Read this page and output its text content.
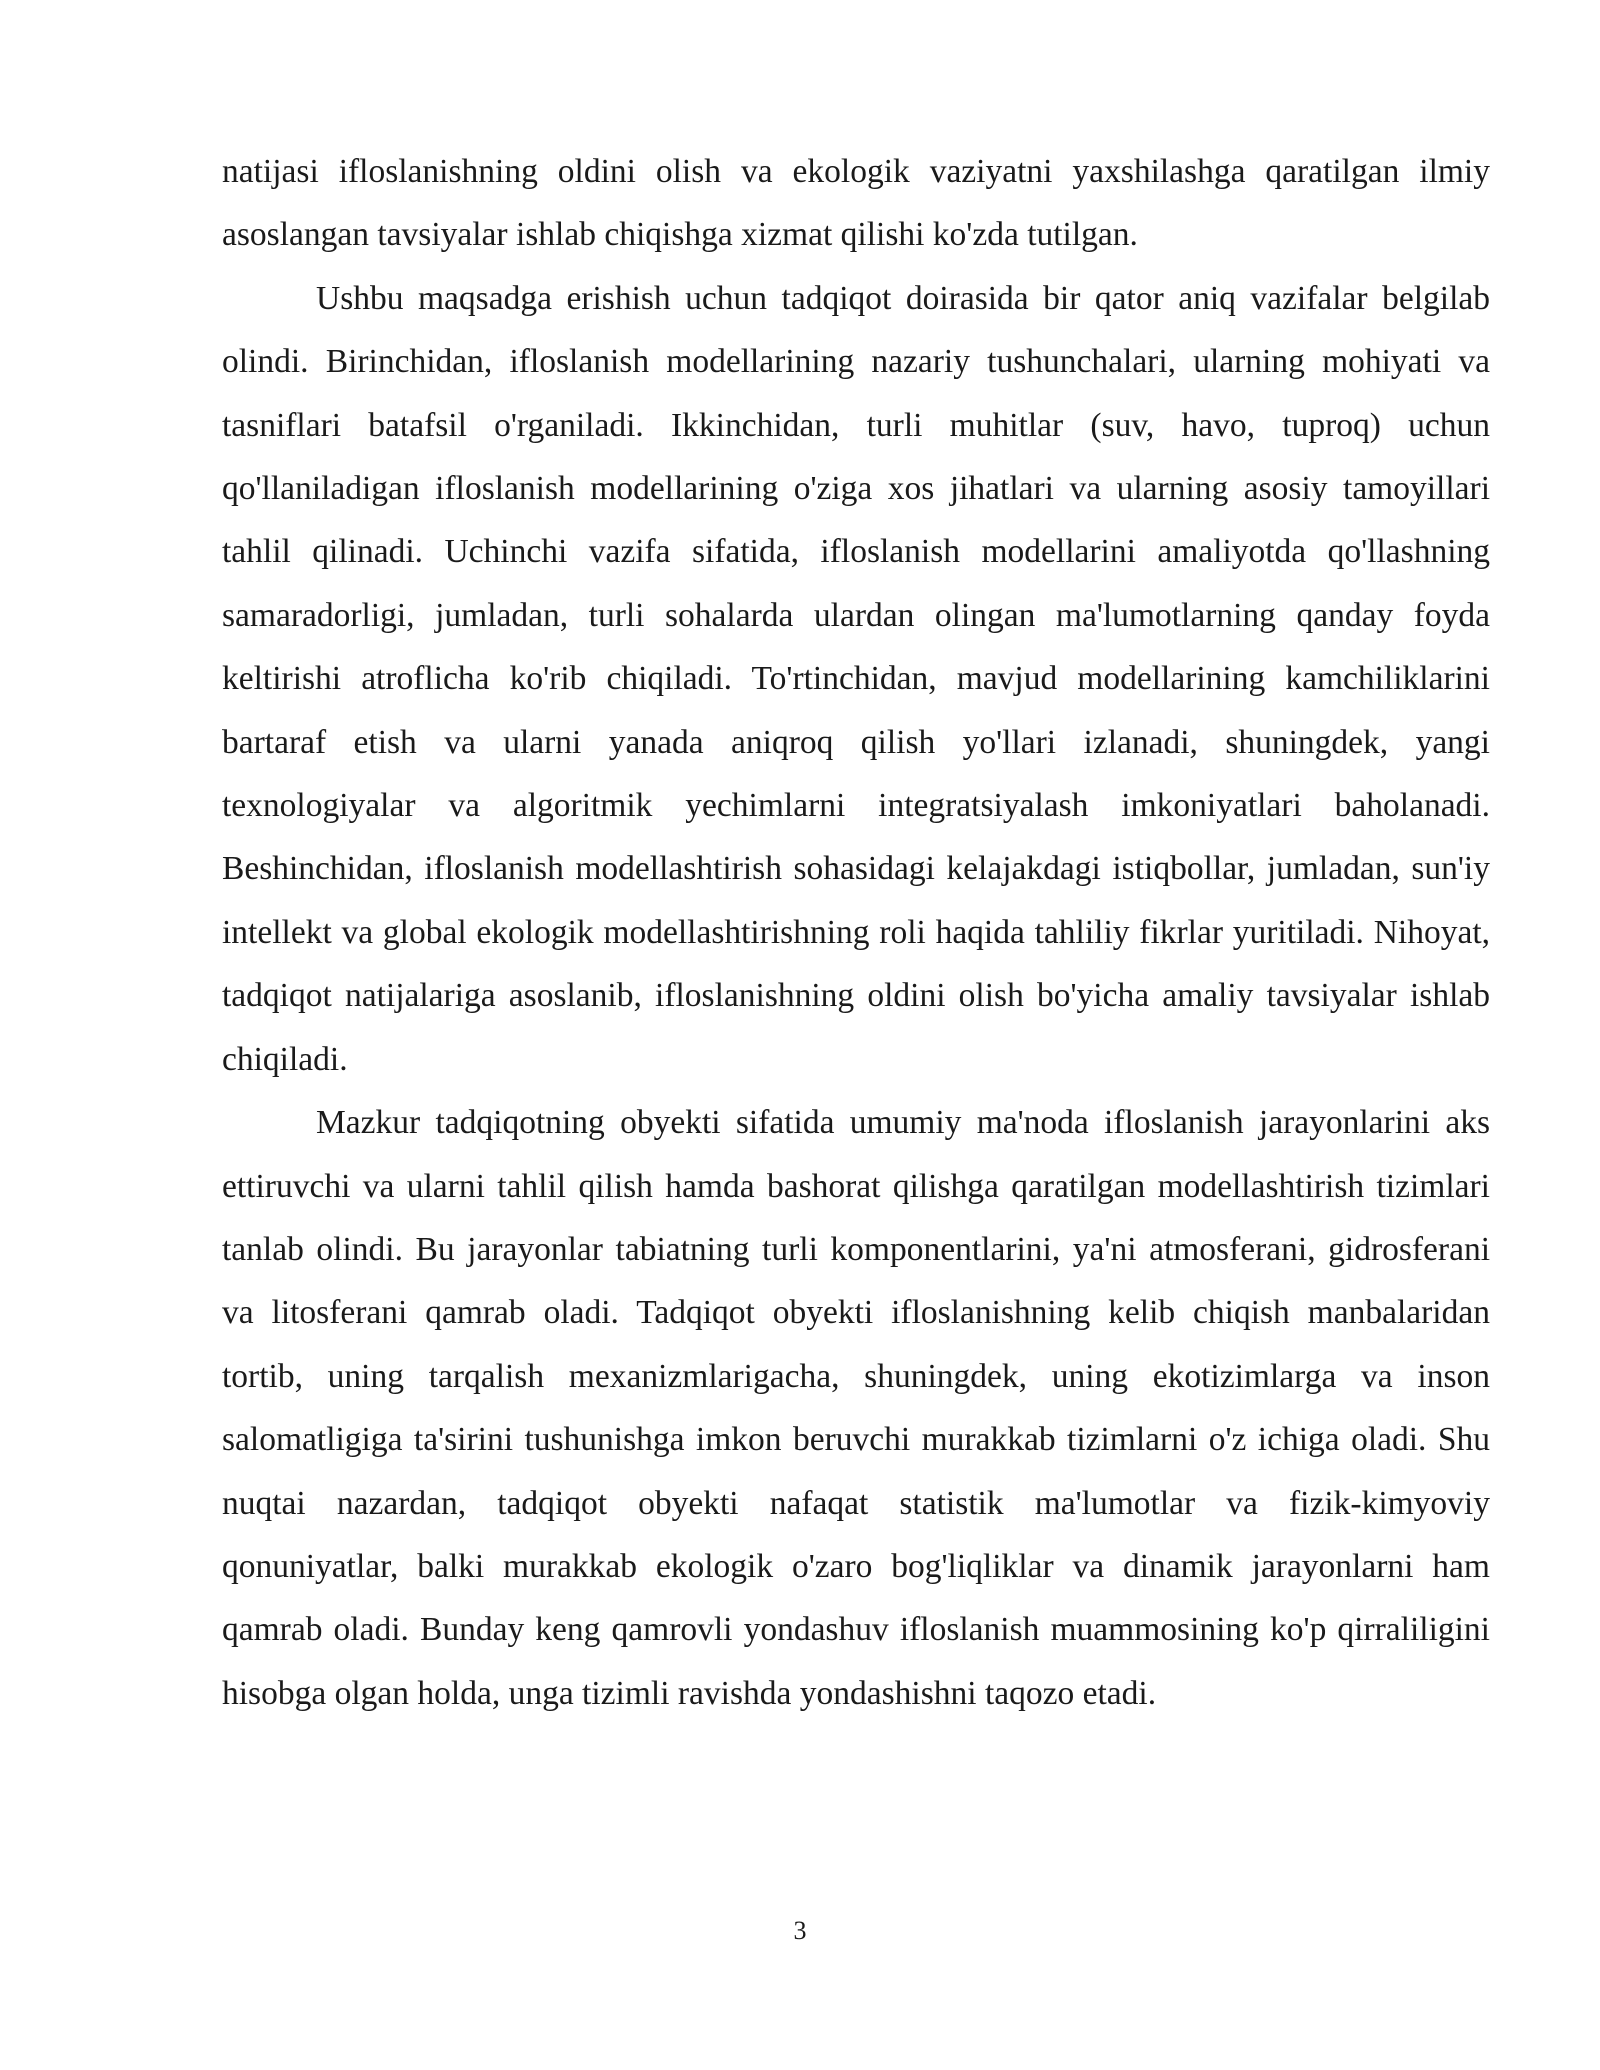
natijasi ifloslanishning oldini olish va ekologik vaziyatni yaxshilashga qaratilgan ilmiy asoslangan tavsiyalar ishlab chiqishga xizmat qilishi ko'zda tutilgan.

Ushbu maqsadga erishish uchun tadqiqot doirasida bir qator aniq vazifalar belgilab olindi. Birinchidan, ifloslanish modellarining nazariy tushunchalari, ularning mohiyati va tasniflari batafsil o'rganiladi. Ikkinchidan, turli muhitlar (suv, havo, tuproq) uchun qo'llaniladigan ifloslanish modellarining o'ziga xos jihatlari va ularning asosiy tamoyillari tahlil qilinadi. Uchinchi vazifa sifatida, ifloslanish modellarini amaliyotda qo'llashning samaradorligi, jumladan, turli sohalarda ulardan olingan ma'lumotlarning qanday foyda keltirishi atroflicha ko'rib chiqiladi. To'rtinchidan, mavjud modellarining kamchiliklarini bartaraf etish va ularni yanada aniqroq qilish yo'llari izlanadi, shuningdek, yangi texnologiyalar va algoritmik yechimlarni integratsiyalash imkoniyatlari baholanadi. Beshinchidan, ifloslanish modellashtirish sohasidagi kelajakdagi istiqbollar, jumladan, sun'iy intellekt va global ekologik modellashtirishning roli haqida tahliliy fikrlar yuritiladi. Nihoyat, tadqiqot natijalariga asoslanib, ifloslanishning oldini olish bo'yicha amaliy tavsiyalar ishlab chiqiladi.

Mazkur tadqiqotning obyekti sifatida umumiy ma'noda ifloslanish jarayonlarini aks ettiruvchi va ularni tahlil qilish hamda bashorat qilishga qaratilgan modellashtirish tizimlari tanlab olindi. Bu jarayonlar tabiatning turli komponentlarini, ya'ni atmosferani, gidrosferani va litosferani qamrab oladi. Tadqiqot obyekti ifloslanishning kelib chiqish manbalaridan tortib, uning tarqalish mexanizmlarigacha, shuningdek, uning ekotizimlarga va inson salomatligiga ta'sirini tushunishga imkon beruvchi murakkab tizimlarni o'z ichiga oladi. Shu nuqtai nazardan, tadqiqot obyekti nafaqat statistik ma'lumotlar va fizik-kimyoviy qonuniyatlar, balki murakkab ekologik o'zaro bog'liqliklar va dinamik jarayonlarni ham qamrab oladi. Bunday keng qamrovli yondashuv ifloslanish muammosining ko'p qirraliligini hisobga olgan holda, unga tizimli ravishda yondashishni taqozo etadi.

3
